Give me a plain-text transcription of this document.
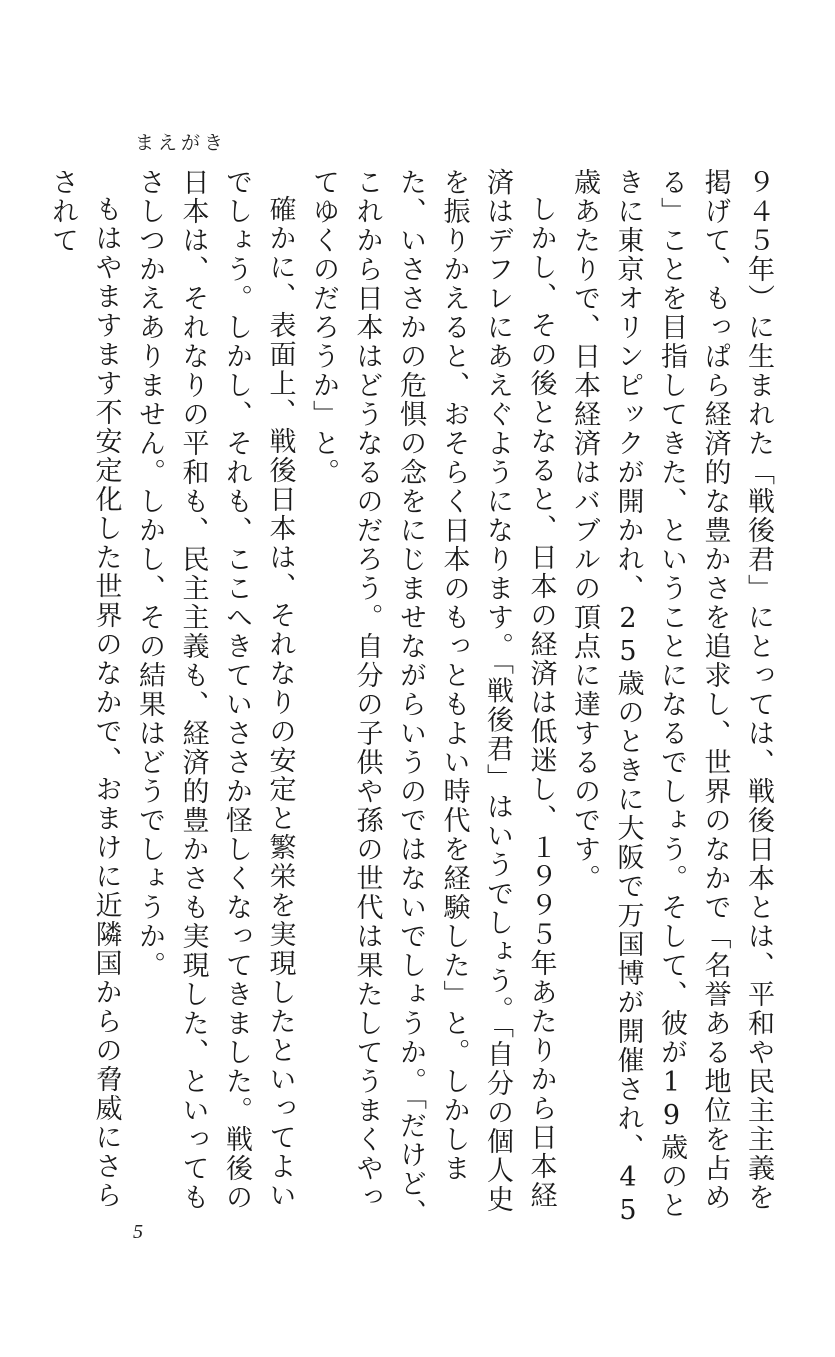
まえがき

９４５年）に生まれた「戦後君」にとっては、戦後日本とは、平和や民主主義を掲げて、もっぱら経済的な豊かさを追求し、世界のなかで「名誉ある地位を占める」ことを目指してきた、ということになるでしょう。そして、彼が19歳のときに東京オリンピックが開かれ、25歳のときに大阪で万国博が開催され、45歳あたりで、日本経済はバブルの頂点に達するのです。

しかし、その後となると、日本の経済は低迷し、１９９５年あたりから日本経済はデフレにあえぐようになります。「戦後君」はいうでしょう。「自分の個人史を振りかえると、おそらく日本のもっともよい時代を経験した」と。しかしまた、いささかの危惧の念をにじませながらいうのではないでしょうか。「だけど、これから日本はどうなるのだろう。自分の子供や孫の世代は果たしてうまくやってゆくのだろうか」と。

確かに、表面上、戦後日本は、それなりの安定と繁栄を実現したといってよいでしょう。しかし、それも、ここへきていささか怪しくなってきました。戦後の日本は、それなりの平和も、民主主義も、経済的豊かさも実現した、といってもさしつかえありません。しかし、その結果はどうでしょうか。

もはやますます不安定化した世界のなかで、おまけに近隣国からの脅威にさらされて

5
